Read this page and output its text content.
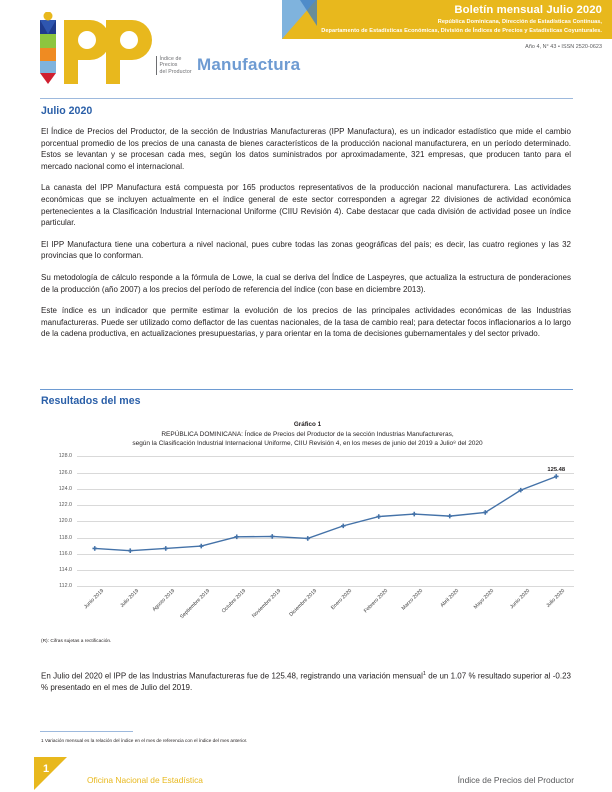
Índice de
Precios
del Productor Manufactura
Boletín mensual Julio 2020
República Dominicana, Dirección de Estadísticas Continuas,
Departamento de Estadísticas Económicas, División de Índices de Precios y Estadísticas Coyunturales.
Año 4, N° 43 • ISSN 2520-0623
Julio 2020

El Índice de Precios del Productor, de la sección de Industrias Manufactureras (IPP Manufactura), es un indicador estadístico que mide el cambio porcentual promedio de los precios de una canasta de bienes característicos de la producción nacional manufacturera, en un período determinado. Estos se levantan y se procesan cada mes, según los datos suministrados por aproximadamente, 321 empresas, que producen tanto para el mercado nacional como el internacional.

La canasta del IPP Manufactura está compuesta por 165 productos representativos de la producción nacional manufacturera. Las actividades económicas que se incluyen actualmente en el índice general de este sector corresponden a agregar 22 divisiones de actividad económica pertenecientes a la Clasificación Industrial Internacional Uniforme (CIIU Revisión 4). Cabe destacar que cada división de actividad posee un índice particular.

El IPP Manufactura tiene una cobertura a nivel nacional, pues cubre todas las zonas geográficas del país; es decir, las cuatro regiones y las 32 provincias que lo conforman.

Su metodología de cálculo responde a la fórmula de Lowe, la cual se deriva del Índice de Laspeyres, que actualiza la estructura de ponderaciones de la producción (año 2007) a los precios del período de referencia del índice (con base en diciembre 2013).

Este índice es un indicador que permite estimar la evolución de los precios de las principales actividades económicas de las Industrias manufactureras. Puede ser utilizado como deflactor de las cuentas nacionales, de la tasa de cambio real; para detectar focos inflacionarios a lo largo de la cadena productiva, en actualizaciones presupuestarias, y para orientar en la toma de decisiones gubernamentales y del sector privado.

Resultados del mes
Gráfico 1
REPÚBLICA DOMINICANA: Índice de Precios del Productor de la sección Industrias Manufactureras,
según la Clasificación Industrial Internacional Uniforme, CIIU Revisión 4, en los meses de junio del 2019 a Julio⁸ del 2020
128.0
126.0
124.0
122.0
120.0
118.0
116.0
114.0
112.0
125.48
Junio 2019	Julio 2019 Agosto 2019 Septiembre 2019 Octubre 2019 Noviembre 2019 Diciembre 2019 Enero 2020 Febrero 2020 Marzo 2020	Abril 2020	Mayo 2020	Junio 2020	Julio 2020
(R): Cifras sujetas a rectificación.

En Julio del 2020 el IPP de las Industrias Manufactureras fue de 125.48, registrando una variación mensual$^1$ de un 1.07 % resultado superior al -0.23 % presentado en el mes de Julio del 2019.

1 Variación mensual es la relación del índice en el mes de referencia con el índice del mes anterior.
1
Oficina Nacional de Estadística	Índice de Precios del Productor
